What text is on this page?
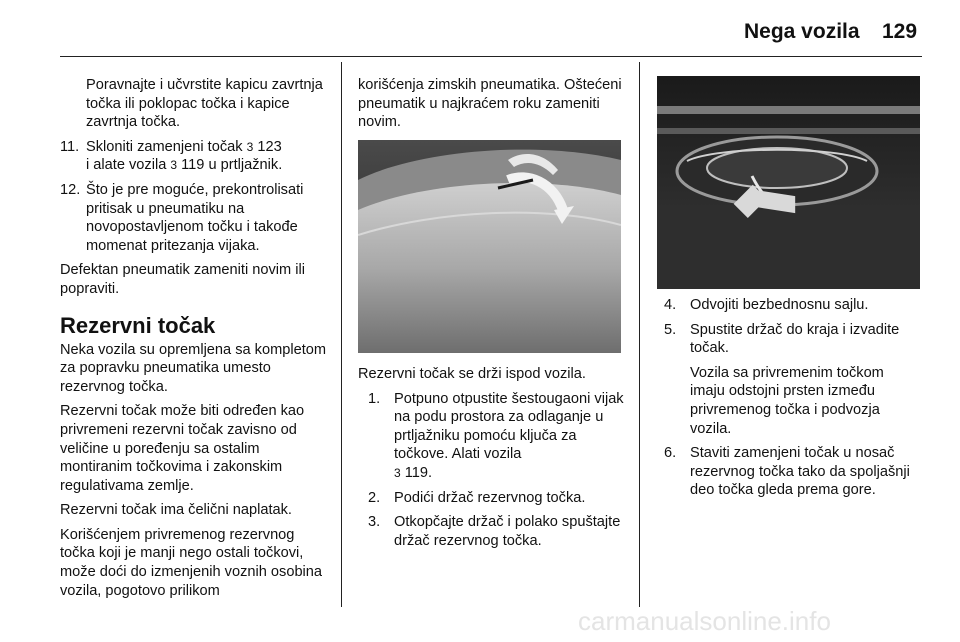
Nega vozila 129

Poravnajte i učvrstite kapicu zavrtnja točka ili poklopac točka i kapice zavrtnja točka.

11. Skloniti zamenjeni točak 3 123
i alate vozila 3 119 u prtljažnik.
12. Što je pre moguće, prekontrolisati pritisak u pneumatiku na novopostavljenom točku i takođe momenat pritezanja vijaka.

Defektan pneumatik zameniti novim ili popraviti.

Rezervni točak

Neka vozila su opremljena sa kompletom za popravku pneumatika umesto rezervnog točka.

Rezervni točak može biti određen kao privremeni rezervni točak zavisno od veličine u poređenju sa ostalim montiranim točkovima i zakonskim regulativama zemlje.

Rezervni točak ima čelični naplatak.

Korišćenjem privremenog rezervnog točka koji je manji nego ostali točkovi, može doći do izmenjenih voznih osobina vozila, pogotovo prilikom

korišćenja zimskih pneumatika. Oštećeni pneumatik u najkraćem roku zameniti novim.

Rezervni točak se drži ispod vozila.

1. Potpuno otpustite šestougaoni vijak na podu prostora za odlaganje u prtljažniku pomoću ključa za točkove. Alati vozila
3 119.
2. Podići držač rezervnog točka.
3. Otkopčajte držač i polako spuštajte držač rezervnog točka.
4. Odvojiti bezbednosnu sajlu.
5. Spustite držač do kraja i izvadite točak.
Vozila sa privremenim točkom imaju odstojni prsten između privremenog točka i podvozja vozila.
6. Staviti zamenjeni točak u nosač rezervnog točka tako da spoljašnji deo točka gleda prema gore.
carmanualsonline.info
